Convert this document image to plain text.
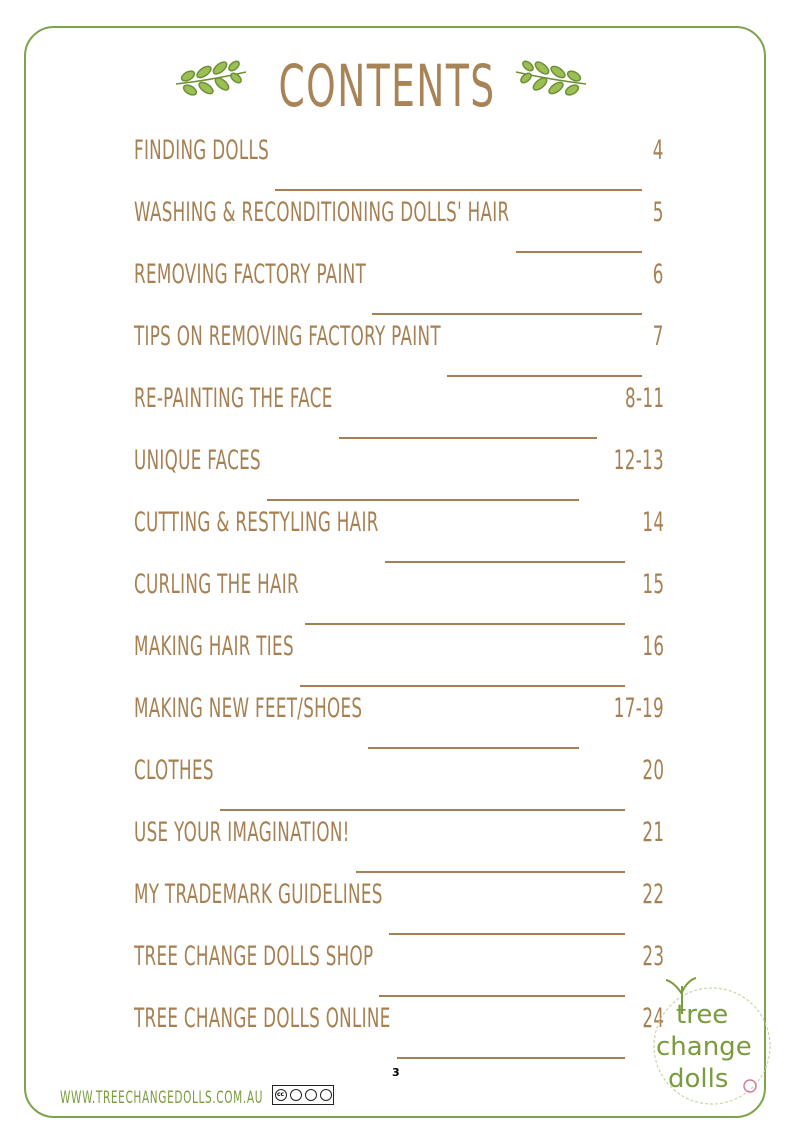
CONTENTS
FINDING DOLLS	4
WASHING & RECONDITIONING DOLLS' HAIR	5
REMOVING FACTORY PAINT	6
TIPS ON REMOVING FACTORY PAINT	7
RE-PAINTING THE FACE	8-11
UNIQUE FACES	12-13
CUTTING & RESTYLING HAIR	14
CURLING THE HAIR	15
MAKING HAIR TIES	16
MAKING NEW FEET/SHOES	17-19
CLOTHES	20
USE YOUR IMAGINATION!	21
MY TRADEMARK GUIDELINES	22
TREE CHANGE DOLLS SHOP	23
TREE CHANGE DOLLS ONLINE	24
3
WWW.TREECHANGEDOLLS.COM.AU	cc
tree
change
dolls
